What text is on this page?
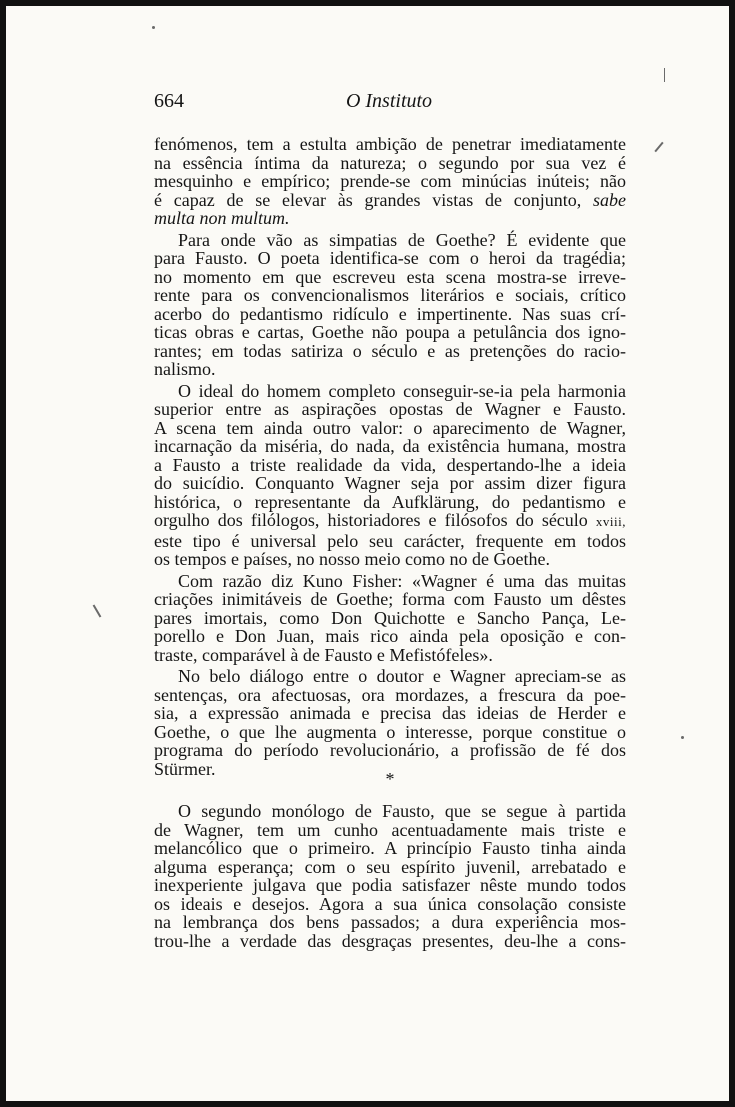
664	O Instituto
fenómenos, tem a estulta ambição de penetrar imediatamente
na essência íntima da natureza; o segundo por sua vez é
mesquinho e empírico; prende-se com minúcias inúteis; não
é capaz de se elevar às grandes vistas de conjunto, sabe
multa non multum.
Para onde vão as simpatias de Goethe? É evidente que
para Fausto. O poeta identifica-se com o heroi da tragédia;
no momento em que escreveu esta scena mostra-se irreve-
rente para os convencionalismos literários e sociais, crítico
acerbo do pedantismo ridículo e impertinente. Nas suas crí-
ticas obras e cartas, Goethe não poupa a petulância dos igno-
rantes; em todas satiriza o século e as pretenções do racio-
nalismo.
O ideal do homem completo conseguir-se-ia pela harmonia
superior entre as aspirações opostas de Wagner e Fausto.
A scena tem ainda outro valor: o aparecimento de Wagner,
incarnação da miséria, do nada, da existência humana, mostra
a Fausto a triste realidade da vida, despertando-lhe a ideia
do suicídio. Conquanto Wagner seja por assim dizer figura
histórica, o representante da Aufklärung, do pedantismo e
orgulho dos filólogos, historiadores e filósofos do século xviii,
este tipo é universal pelo seu carácter, frequente em todos
os tempos e países, no nosso meio como no de Goethe.
Com razão diz Kuno Fisher: «Wagner é uma das muitas
criações inimitáveis de Goethe; forma com Fausto um dêstes
pares imortais, como Don Quichotte e Sancho Pança, Le-
porello e Don Juan, mais rico ainda pela oposição e con-
traste, comparável à de Fausto e Mefistófeles».
No belo diálogo entre o doutor e Wagner apreciam-se as
sentenças, ora afectuosas, ora mordazes, a frescura da poe-
sia, a expressão animada e precisa das ideias de Herder e
Goethe, o que lhe augmenta o interesse, porque constitue o
programa do período revolucionário, a profissão de fé dos
Stürmer.
*
O segundo monólogo de Fausto, que se segue à partida
de Wagner, tem um cunho acentuadamente mais triste e
melancólico que o primeiro. A princípio Fausto tinha ainda
alguma esperança; com o seu espírito juvenil, arrebatado e
inexperiente julgava que podia satisfazer nêste mundo todos
os ideais e desejos. Agora a sua única consolação consiste
na lembrança dos bens passados; a dura experiência mos-
trou-lhe a verdade das desgraças presentes, deu-lhe a cons-
